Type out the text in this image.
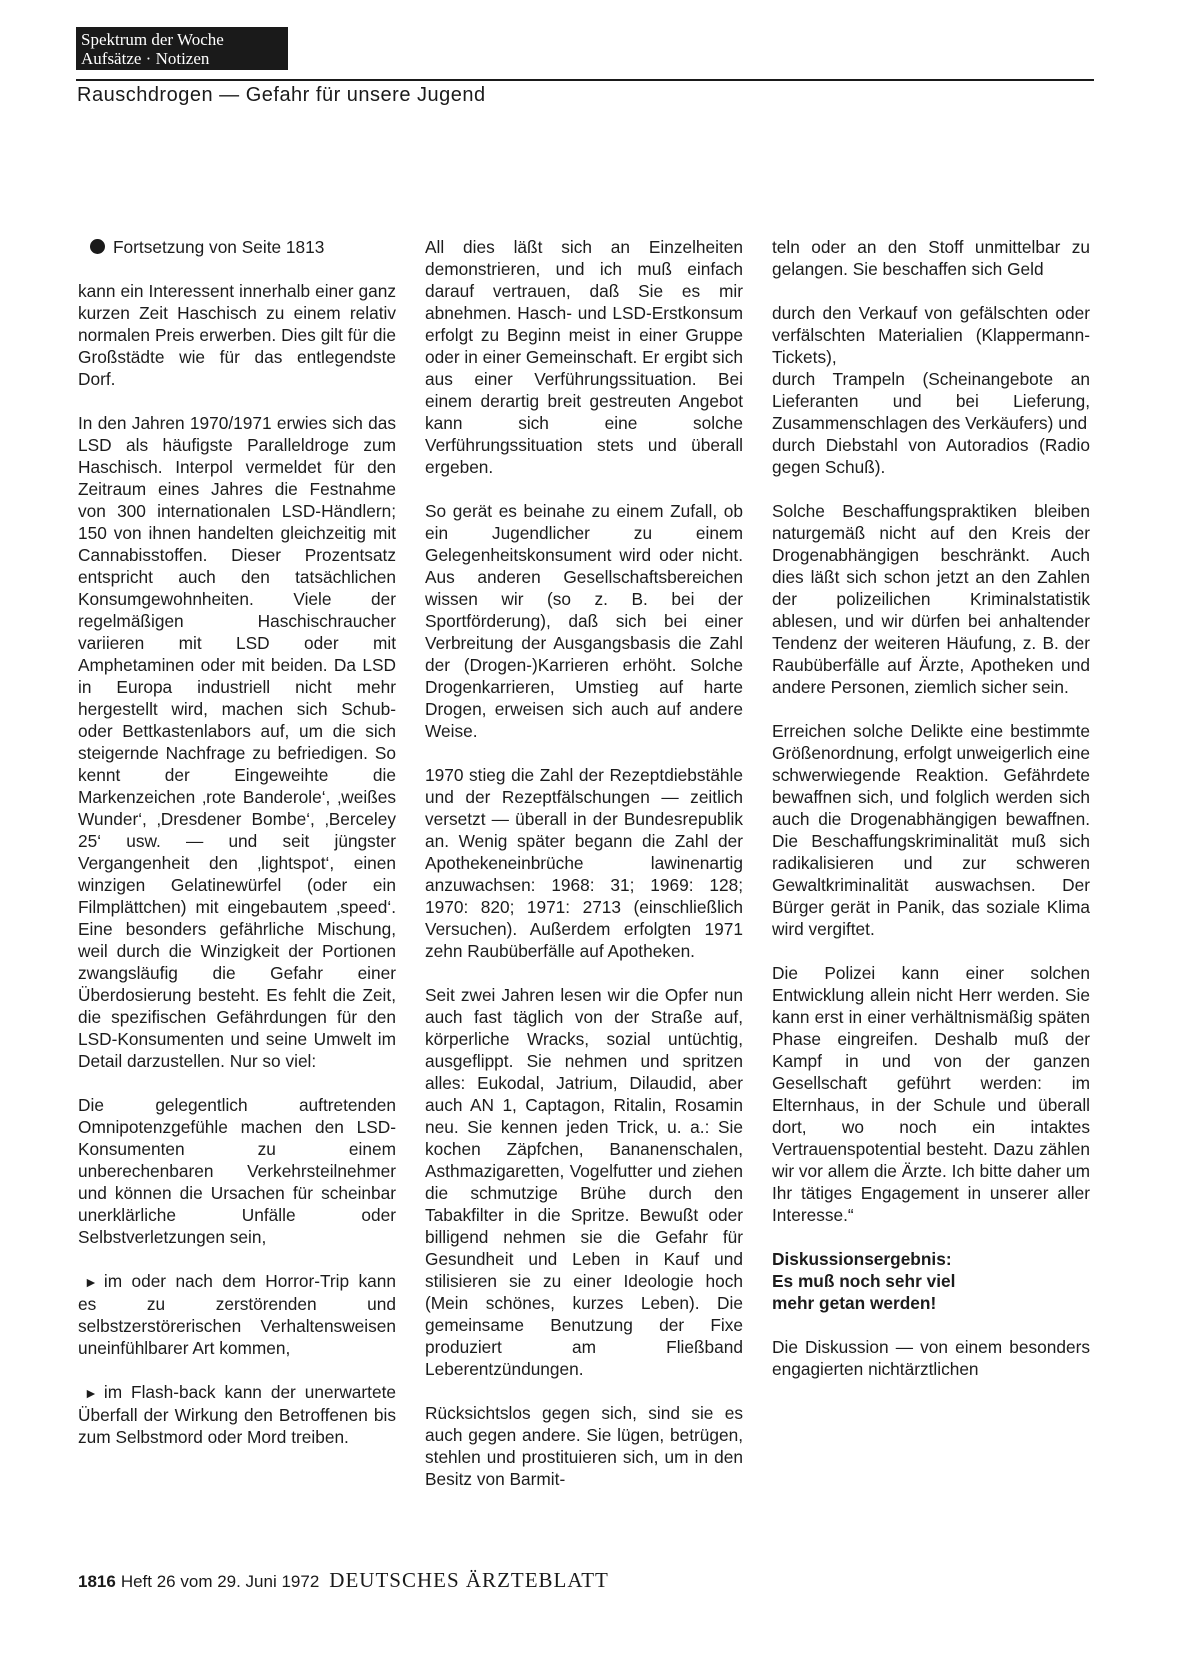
Spektrum der Woche
Aufsätze · Notizen
Rauschdrogen — Gefahr für unsere Jugend

Fortsetzung von Seite 1813

kann ein Interessent innerhalb einer ganz kurzen Zeit Haschisch zu einem relativ normalen Preis erwerben. Dies gilt für die Großstädte wie für das entlegendste Dorf.

In den Jahren 1970/1971 erwies sich das LSD als häufigste Paralleldroge zum Haschisch. Interpol vermeldet für den Zeitraum eines Jahres die Festnahme von 300 internationalen LSD-Händlern; 150 von ihnen handelten gleichzeitig mit Cannabisstoffen. Dieser Prozentsatz entspricht auch den tatsächlichen Konsumgewohnheiten. Viele der regelmäßigen Haschischraucher variieren mit LSD oder mit Amphetaminen oder mit beiden. Da LSD in Europa industriell nicht mehr hergestellt wird, machen sich Schub- oder Bettkastenlabors auf, um die sich steigernde Nachfrage zu befriedigen. So kennt der Eingeweihte die Markenzeichen ‚rote Banderole‘, ‚weißes Wunder‘, ‚Dresdener Bombe‘, ‚Berceley 25‘ usw. — und seit jüngster Vergangenheit den ‚lightspot‘, einen winzigen Gelatinewürfel (oder ein Filmplättchen) mit eingebautem ‚speed‘. Eine besonders gefährliche Mischung, weil durch die Winzigkeit der Portionen zwangsläufig die Gefahr einer Überdosierung besteht. Es fehlt die Zeit, die spezifischen Gefährdungen für den LSD-Konsumenten und seine Umwelt im Detail darzustellen. Nur so viel:

Die gelegentlich auftretenden Omnipotenzgefühle machen den LSD-Konsumenten zu einem unberechenbaren Verkehrsteilnehmer und können die Ursachen für scheinbar unerklärliche Unfälle oder Selbstverletzungen sein,

► im oder nach dem Horror-Trip kann es zu zerstörenden und selbstzerstörerischen Verhaltensweisen uneinfühlbarer Art kommen,

► im Flash-back kann der unerwartete Überfall der Wirkung den Betroffenen bis zum Selbstmord oder Mord treiben.

All dies läßt sich an Einzelheiten demonstrieren, und ich muß einfach darauf vertrauen, daß Sie es mir abnehmen. Hasch- und LSD-Erstkonsum erfolgt zu Beginn meist in einer Gruppe oder in einer Gemeinschaft. Er ergibt sich aus einer Verführungssituation. Bei einem derartig breit gestreuten Angebot kann sich eine solche Verführungssituation stets und überall ergeben.

So gerät es beinahe zu einem Zufall, ob ein Jugendlicher zu einem Gelegenheitskonsument wird oder nicht. Aus anderen Gesellschaftsbereichen wissen wir (so z. B. bei der Sportförderung), daß sich bei einer Verbreitung der Ausgangsbasis die Zahl der (Drogen-)Karrieren erhöht. Solche Drogenkarrieren, Umstieg auf harte Drogen, erweisen sich auch auf andere Weise.

1970 stieg die Zahl der Rezeptdiebstähle und der Rezeptfälschungen — zeitlich versetzt — überall in der Bundesrepublik an. Wenig später begann die Zahl der Apothekeneinbrüche lawinenartig anzuwachsen: 1968: 31; 1969: 128; 1970: 820; 1971: 2713 (einschließlich Versuchen). Außerdem erfolgten 1971 zehn Raubüberfälle auf Apotheken.

Seit zwei Jahren lesen wir die Opfer nun auch fast täglich von der Straße auf, körperliche Wracks, sozial untüchtig, ausgeflippt. Sie nehmen und spritzen alles: Eukodal, Jatrium, Dilaudid, aber auch AN 1, Captagon, Ritalin, Rosamin neu. Sie kennen jeden Trick, u. a.: Sie kochen Zäpfchen, Bananenschalen, Asthmazigaretten, Vogelfutter und ziehen die schmutzige Brühe durch den Tabakfilter in die Spritze. Bewußt oder billigend nehmen sie die Gefahr für Gesundheit und Leben in Kauf und stilisieren sie zu einer Ideologie hoch (Mein schönes, kurzes Leben). Die gemeinsame Benutzung der Fixe produziert am Fließband Leberentzündungen.

Rücksichtslos gegen sich, sind sie es auch gegen andere. Sie lügen, betrügen, stehlen und prostituieren sich, um in den Besitz von Barmit-

teln oder an den Stoff unmittelbar zu gelangen. Sie beschaffen sich Geld

durch den Verkauf von gefälschten oder verfälschten Materialien (Klappermann-Tickets),

durch Trampeln (Scheinangebote an Lieferanten und bei Lieferung, Zusammenschlagen des Verkäufers) und

durch Diebstahl von Autoradios (Radio gegen Schuß).

Solche Beschaffungspraktiken bleiben naturgemäß nicht auf den Kreis der Drogenabhängigen beschränkt. Auch dies läßt sich schon jetzt an den Zahlen der polizeilichen Kriminalstatistik ablesen, und wir dürfen bei anhaltender Tendenz der weiteren Häufung, z. B. der Raubüberfälle auf Ärzte, Apotheken und andere Personen, ziemlich sicher sein.

Erreichen solche Delikte eine bestimmte Größenordnung, erfolgt unweigerlich eine schwerwiegende Reaktion. Gefährdete bewaffnen sich, und folglich werden sich auch die Drogenabhängigen bewaffnen. Die Beschaffungskriminalität muß sich radikalisieren und zur schweren Gewaltkriminalität auswachsen. Der Bürger gerät in Panik, das soziale Klima wird vergiftet.

Die Polizei kann einer solchen Entwicklung allein nicht Herr werden. Sie kann erst in einer verhältnismäßig späten Phase eingreifen. Deshalb muß der Kampf in und von der ganzen Gesellschaft geführt werden: im Elternhaus, in der Schule und überall dort, wo noch ein intaktes Vertrauenspotential besteht. Dazu zählen wir vor allem die Ärzte. Ich bitte daher um Ihr tätiges Engagement in unserer aller Interesse.“

Diskussionsergebnis:
Es muß noch sehr viel
mehr getan werden!

Die Diskussion — von einem besonders engagierten nichtärztlichen

1816 Heft 26 vom 29. Juni 1972 DEUTSCHES ÄRZTEBLATT
